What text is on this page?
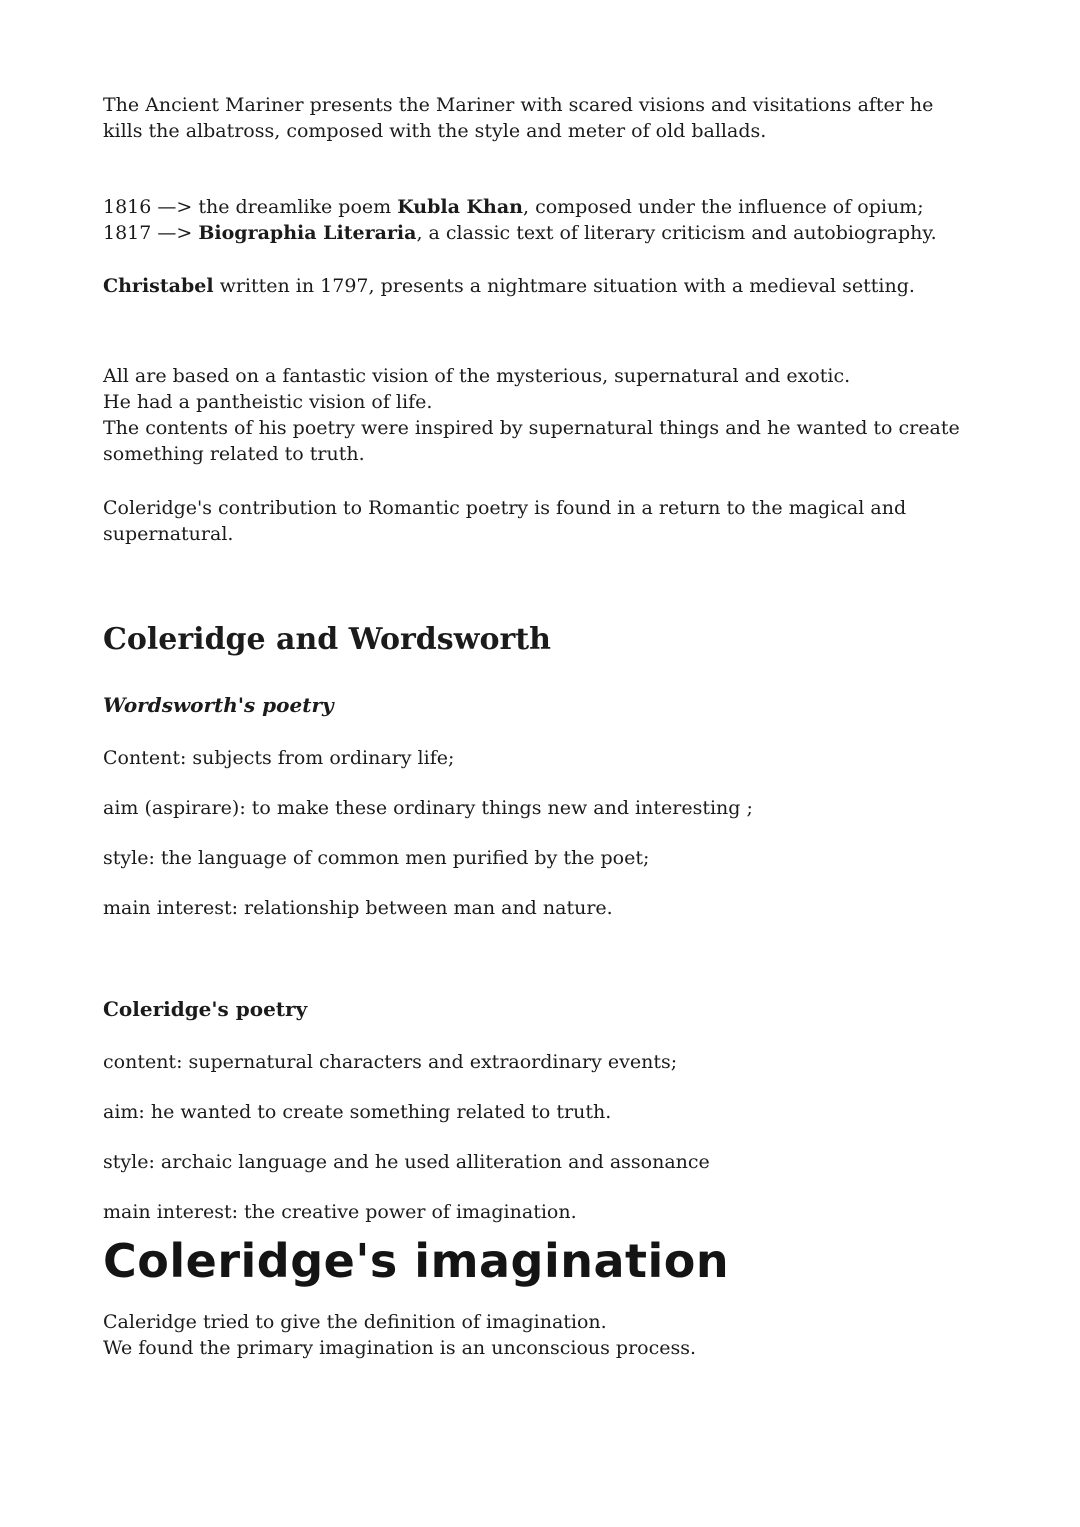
The Ancient Mariner presents the Mariner with scared visions and visitations after he kills the albatross, composed with the style and meter of old ballads.

1816 —> the dreamlike poem Kubla Khan, composed under the influence of opium;
1817 —> Biographia Literaria, a classic text of literary criticism and autobiography.

Christabel written in 1797, presents a nightmare situation with a medieval setting.

All are based on a fantastic vision of the mysterious, supernatural and exotic.
He had a pantheistic vision of life.
The contents of his poetry were inspired by supernatural things and he wanted to create something related to truth.

Coleridge's contribution to Romantic poetry is found in a return to the magical and supernatural.

Coleridge and Wordsworth
Wordsworth's poetry

Content: subjects from ordinary life;

aim (aspirare): to make these ordinary things new and interesting ;

style: the language of common men purified by the poet;

main interest: relationship between man and nature.

Coleridge's poetry

content: supernatural characters and extraordinary events;

aim: he wanted to create something related to truth.

style: archaic language and he used alliteration and assonance

main interest: the creative power of imagination.

Coleridge's imagination

Caleridge tried to give the definition of imagination.
We found the primary imagination is an unconscious process.
